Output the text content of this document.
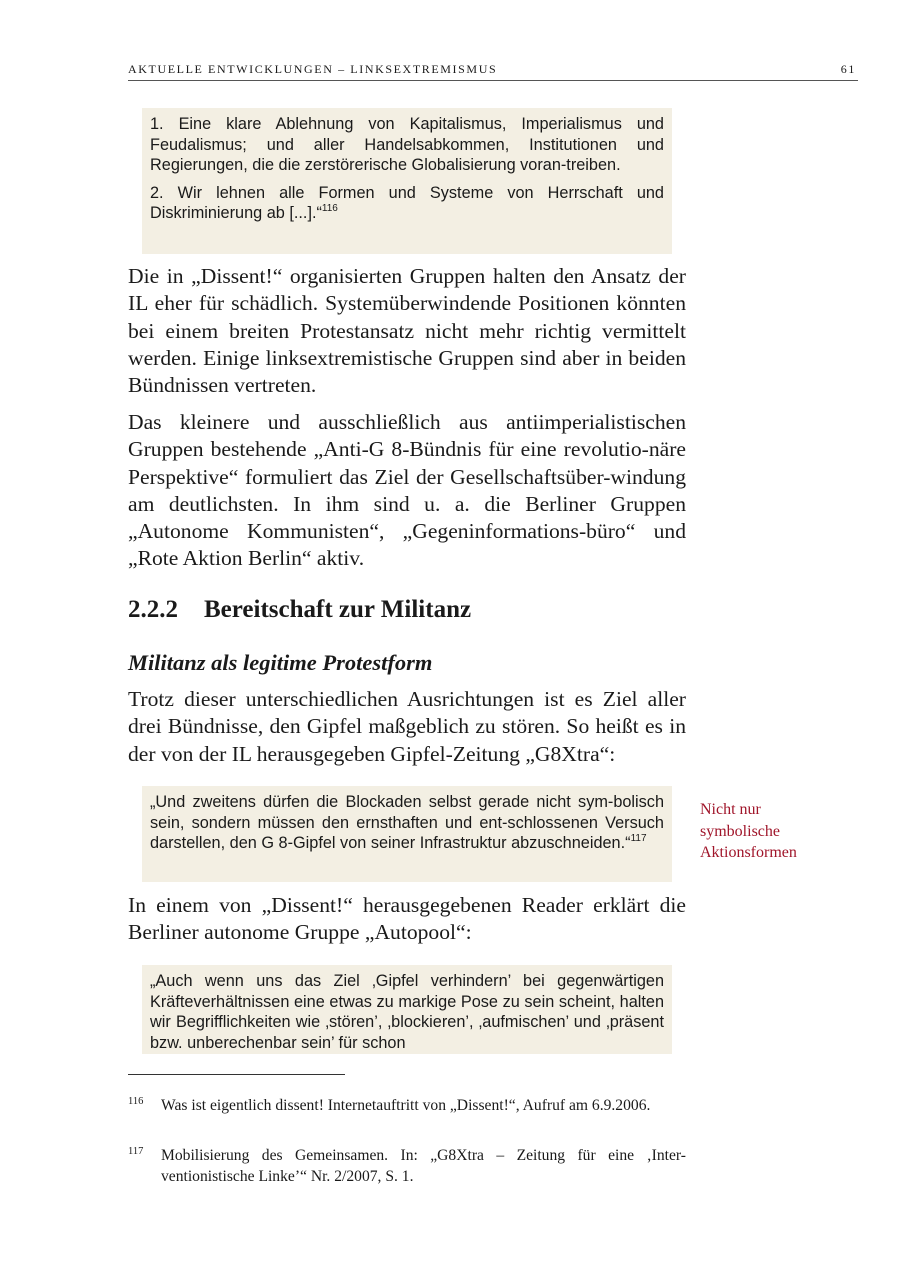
AKTUELLE ENTWICKLUNGEN – LINKSEXTREMISMUS	61

1. Eine klare Ablehnung von Kapitalismus, Imperialismus und Feudalismus; und aller Handelsabkommen, Institutionen und Regierungen, die die zerstörerische Globalisierung voran-treiben.

2. Wir lehnen alle Formen und Systeme von Herrschaft und Diskriminierung ab [...].“$^{116}$

Die in „Dissent!“ organisierten Gruppen halten den Ansatz der IL eher für schädlich. Systemüberwindende Positionen könnten bei einem breiten Protestansatz nicht mehr richtig vermittelt werden. Einige linksextremistische Gruppen sind aber in beiden Bündnissen vertreten.

Das kleinere und ausschließlich aus antiimperialistischen Gruppen bestehende „Anti-G 8-Bündnis für eine revolutio-näre Perspektive“ formuliert das Ziel der Gesellschaftsüber-windung am deutlichsten. In ihm sind u. a. die Berliner Gruppen „Autonome Kommunisten“, „Gegeninformations-büro“ und „Rote Aktion Berlin“ aktiv.

2.2.2 Bereitschaft zur Militanz
Militanz als legitime Protestform

Trotz dieser unterschiedlichen Ausrichtungen ist es Ziel aller drei Bündnisse, den Gipfel maßgeblich zu stören. So heißt es in der von der IL herausgegeben Gipfel-Zeitung „G8Xtra“:

„Und zweitens dürfen die Blockaden selbst gerade nicht sym-bolisch sein, sondern müssen den ernsthaften und ent-schlossenen Versuch darstellen, den G 8-Gipfel von seiner Infrastruktur abzuschneiden.“$^{117}$

Nicht nur
symbolische
Aktionsformen

In einem von „Dissent!“ herausgegebenen Reader erklärt die Berliner autonome Gruppe „Autopool“:

„Auch wenn uns das Ziel ‚Gipfel verhindern’ bei gegenwärtigen Kräfteverhältnissen eine etwas zu markige Pose zu sein scheint, halten wir Begrifflichkeiten wie ‚stören’, ‚blockieren’, ‚aufmischen’ und ‚präsent bzw. unberechenbar sein’ für schon

116 Was ist eigentlich dissent! Internetauftritt von „Dissent!“, Aufruf am 6.9.2006.
117 Mobilisierung des Gemeinsamen. In: „G8Xtra – Zeitung für eine ‚Inter-ventionistische Linke’“ Nr. 2/2007, S. 1.
